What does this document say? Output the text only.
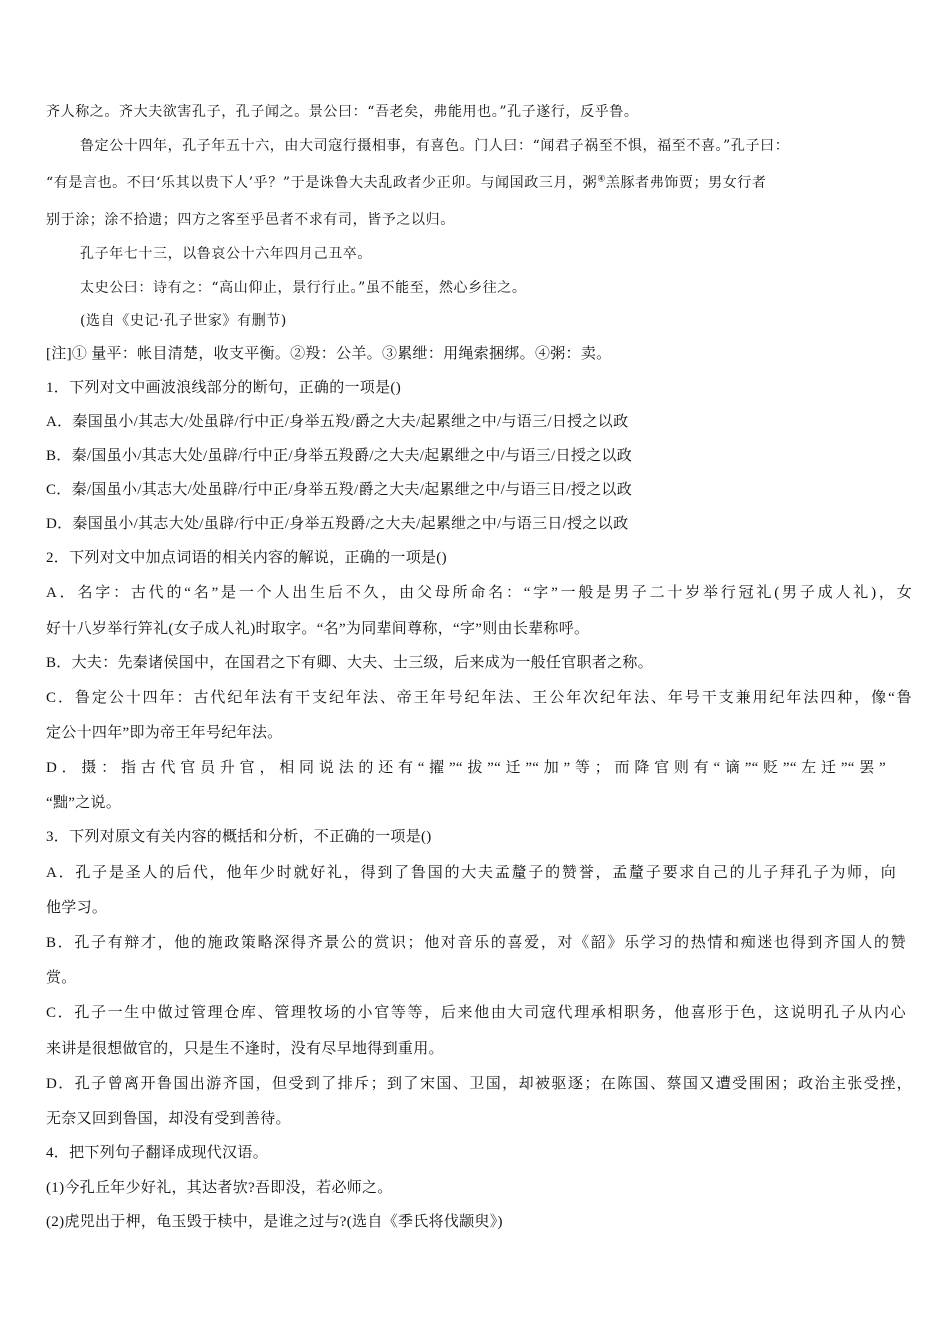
齐人称之。齐大夫欲害孔子，孔子闻之。景公曰：“吾老矣，弗能用也。”孔子遂行，反乎鲁。
鲁定公十四年，孔子年五十六，由大司寇行摄相事，有喜色。门人曰：“闻君子祸至不惧，福至不喜。”孔子曰：
“有是言也。不曰‘乐其以贵下人’乎？”于是诛鲁大夫乱政者少正卯。与闻国政三月，粥④羔豚者弗饰贾；男女行者
别于涂；涂不拾遗；四方之客至乎邑者不求有司，皆予之以归。
孔子年七十三，以鲁哀公十六年四月己丑卒。
太史公曰：诗有之：“高山仰止，景行行止。”虽不能至，然心乡往之。
(选自《史记·孔子世家》有删节)
[注]① 量平：帐目清楚，收支平衡。②羖：公羊。③累绁：用绳索捆绑。④粥：卖。
1．下列对文中画波浪线部分的断句，正确的一项是()
A．秦国虽小/其志大/处虽辟/行中正/身举五羖/爵之大夫/起累绁之中/与语三/日授之以政
B．秦/国虽小/其志大处/虽辟/行中正/身举五羖爵/之大夫/起累绁之中/与语三/日授之以政
C．秦/国虽小/其志大/处虽辟/行中正/身举五羖/爵之大夫/起累绁之中/与语三日/授之以政
D．秦国虽小/其志大处/虽辟/行中正/身举五羖爵/之大夫/起累绁之中/与语三日/授之以政
2．下列对文中加点词语的相关内容的解说，正确的一项是()
A．名字：古代的“名”是一个人出生后不久，由父母所命名：“字”一般是男子二十岁举行冠礼(男子成人礼)，女
好十八岁举行笄礼(女子成人礼)时取字。“名”为同辈间尊称，“字”则由长辈称呼。
B．大夫：先秦诸侯国中，在国君之下有卿、大夫、士三级，后来成为一般任官职者之称。
C．鲁定公十四年：古代纪年法有干支纪年法、帝王年号纪年法、王公年次纪年法、年号干支兼用纪年法四种，像“鲁
定公十四年”即为帝王年号纪年法。
D．摄：指古代官员升官，相同说法的还有“擢”“拔”“迁”“加”等；而降官则有“谪”“贬”“左迁”“罢”
“黜”之说。
3．下列对原文有关内容的概括和分析，不正确的一项是()
A．孔子是圣人的后代，他年少时就好礼，得到了鲁国的大夫孟釐子的赞誉，孟釐子要求自己的儿子拜孔子为师，向
他学习。
B．孔子有辩才，他的施政策略深得齐景公的赏识；他对音乐的喜爱，对《韶》乐学习的热情和痴迷也得到齐国人的赞
赏。
C．孔子一生中做过管理仓库、管理牧场的小官等等，后来他由大司寇代理承相职务，他喜形于色，这说明孔子从内心
来讲是很想做官的，只是生不逢时，没有尽早地得到重用。
D．孔子曾离开鲁国出游齐国，但受到了排斥；到了宋国、卫国，却被驱逐；在陈国、蔡国又遭受围困；政治主张受挫，
无奈又回到鲁国，却没有受到善待。
4．把下列句子翻译成现代汉语。
(1)今孔丘年少好礼，其达者欤?吾即没，若必师之。
(2)虎兕出于柙，龟玉毁于椟中，是谁之过与?(选自《季氏将伐颛臾》)
